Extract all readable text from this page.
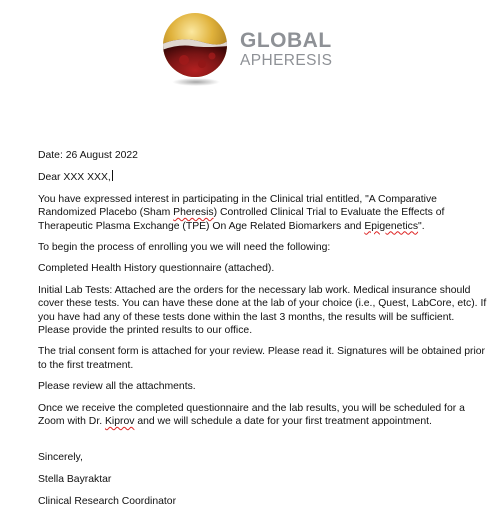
GLOBAL
APHERESIS

Date: 26 August 2022

Dear XXX XXX,

You have expressed interest in participating in the Clinical trial entitled, "A Comparative Randomized Placebo (Sham Pheresis) Controlled Clinical Trial to Evaluate the Effects of Therapeutic Plasma Exchange (TPE) On Age Related Biomarkers and Epigenetics".

To begin the process of enrolling you we will need the following:

Completed Health History questionnaire (attached).

Initial Lab Tests: Attached are the orders for the necessary lab work. Medical insurance should cover these tests. You can have these done at the lab of your choice (i.e., Quest, LabCore, etc). If you have had any of these tests done within the last 3 months, the results will be sufficient. Please provide the printed results to our office.

The trial consent form is attached for your review. Please read it. Signatures will be obtained prior to the first treatment.

Please review all the attachments.

Once we receive the completed questionnaire and the lab results, you will be scheduled for a Zoom with Dr. Kiprov and we will schedule a date for your first treatment appointment.

Sincerely,

Stella Bayraktar

Clinical Research Coordinator
